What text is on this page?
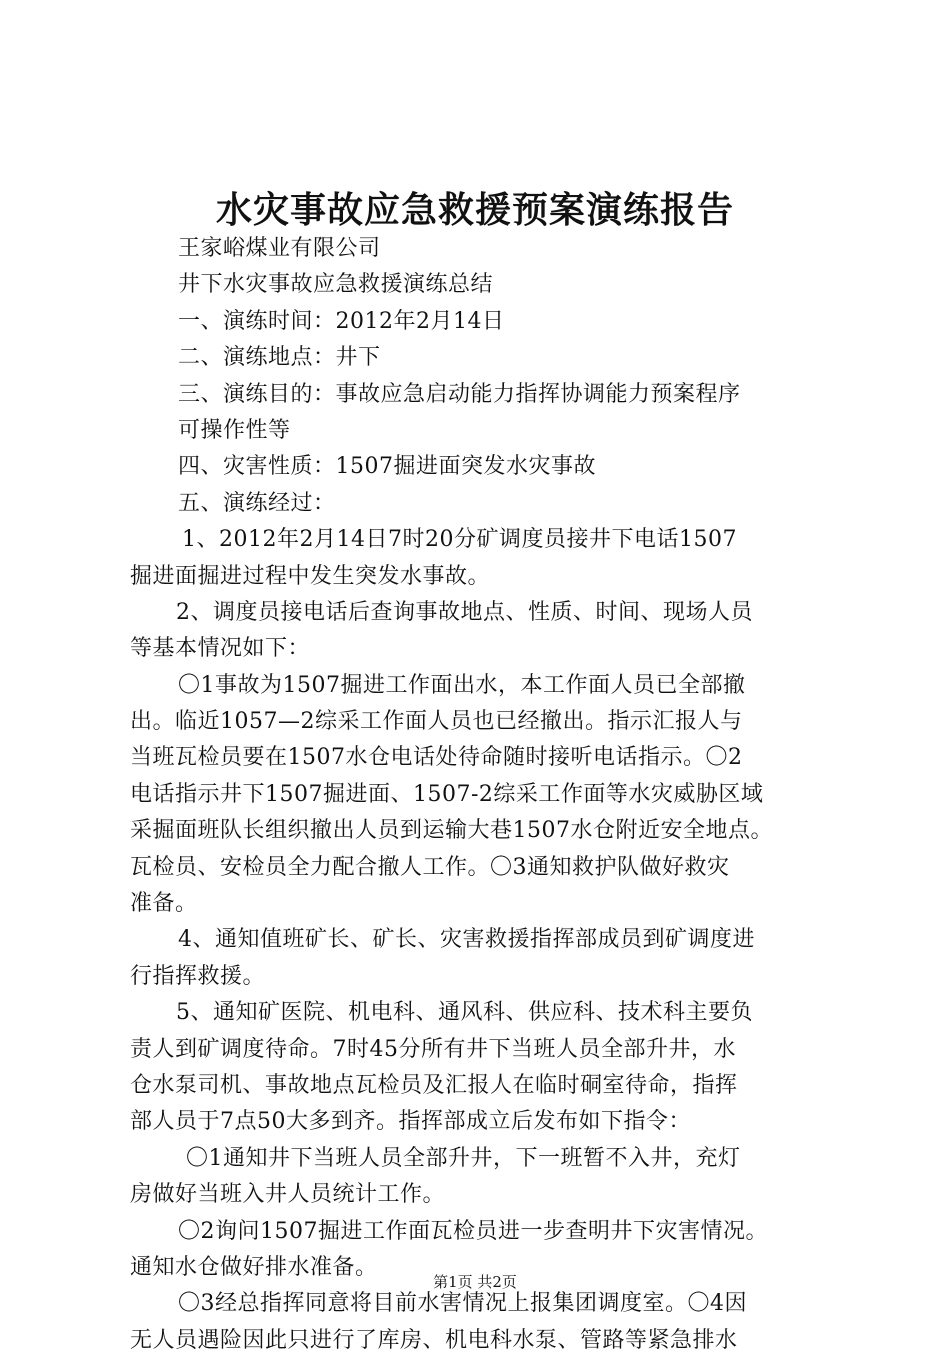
水灾事故应急救援预案演练报告
王家峪煤业有限公司
井下水灾事故应急救援演练总结
一、演练时间：2012年2月14日
二、演练地点：井下
三、演练目的：事故应急启动能力指挥协调能力预案程序
可操作性等
四、灾害性质：1507掘进面突发水灾事故
五、演练经过：
1、2012年2月14日7时20分矿调度员接井下电话1507
掘进面掘进过程中发生突发水事故。
2、调度员接电话后查询事故地点、性质、时间、现场人员
等基本情况如下：
〇1事故为1507掘进工作面出水，本工作面人员已全部撤
出。临近1057—2综采工作面人员也已经撤出。指示汇报人与
当班瓦检员要在1507水仓电话处待命随时接听电话指示。〇2
电话指示井下1507掘进面、1507-2综采工作面等水灾威胁区域
采掘面班队长组织撤出人员到运输大巷1507水仓附近安全地点。
瓦检员、安检员全力配合撤人工作。〇3通知救护队做好救灾
准备。
4、通知值班矿长、矿长、灾害救援指挥部成员到矿调度进
行指挥救援。
5、通知矿医院、机电科、通风科、供应科、技术科主要负
责人到矿调度待命。7时45分所有井下当班人员全部升井，水
仓水泵司机、事故地点瓦检员及汇报人在临时硐室待命，指挥
部人员于7点50大多到齐。指挥部成立后发布如下指令：
〇1通知井下当班人员全部升井，下一班暂不入井，充灯
房做好当班入井人员统计工作。
〇2询问1507掘进工作面瓦检员进一步查明井下灾害情况。
通知水仓做好排水准备。
〇3经总指挥同意将目前水害情况上报集团调度室。〇4因
无人员遇险因此只进行了库房、机电科水泵、管路等紧急排水
第1页 共2页
